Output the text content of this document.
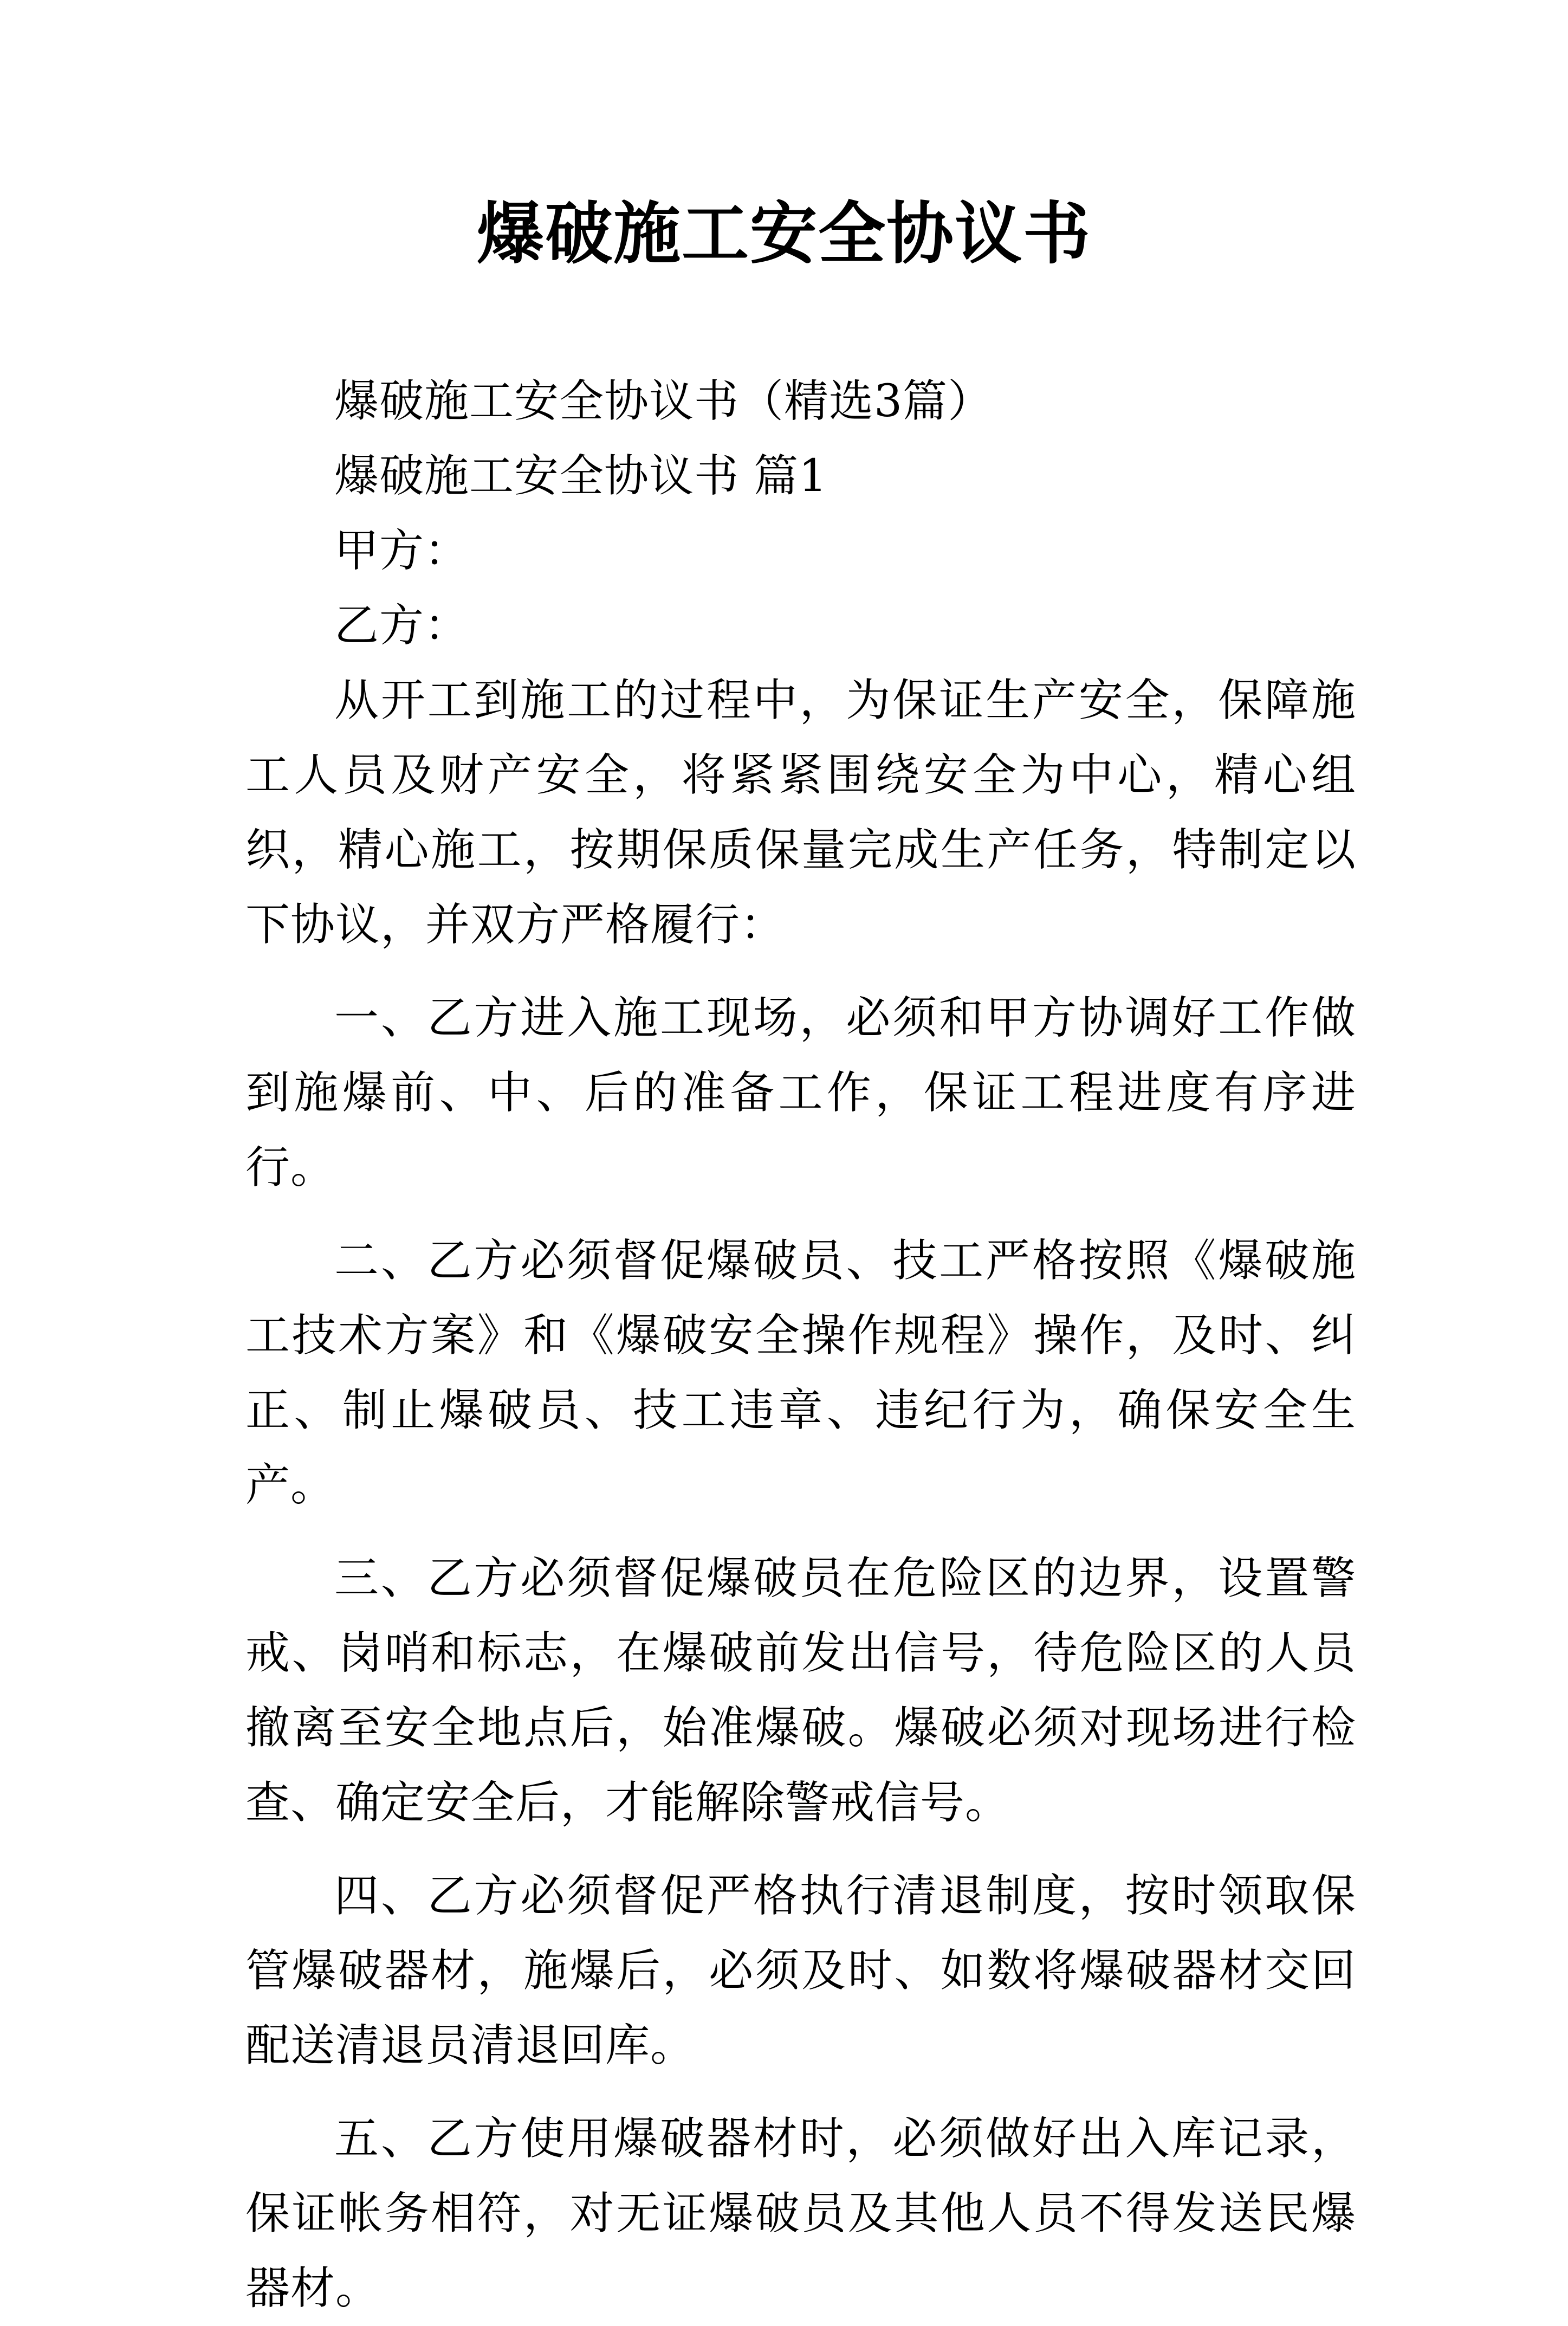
爆破施工安全协议书

爆破施工安全协议书（精选3篇）

爆破施工安全协议书 篇1

甲方：

乙方：

从开工到施工的过程中，为保证生产安全，保障施工人员及财产安全，将紧紧围绕安全为中心，精心组织，精心施工，按期保质保量完成生产任务，特制定以下协议，并双方严格履行：

一、乙方进入施工现场，必须和甲方协调好工作做到施爆前、中、后的准备工作，保证工程进度有序进行。

二、乙方必须督促爆破员、技工严格按照《爆破施工技术方案》和《爆破安全操作规程》操作，及时、纠正、制止爆破员、技工违章、违纪行为，确保安全生产。

三、乙方必须督促爆破员在危险区的边界，设置警戒、岗哨和标志，在爆破前发出信号，待危险区的人员撤离至安全地点后，始准爆破。爆破必须对现场进行检查、确定安全后，才能解除警戒信号。

四、乙方必须督促严格执行清退制度，按时领取保管爆破器材，施爆后，必须及时、如数将爆破器材交回配送清退员清退回库。

五、乙方使用爆破器材时，必须做好出入库记录，保证帐务相符，对无证爆破员及其他人员不得发送民爆器材。
